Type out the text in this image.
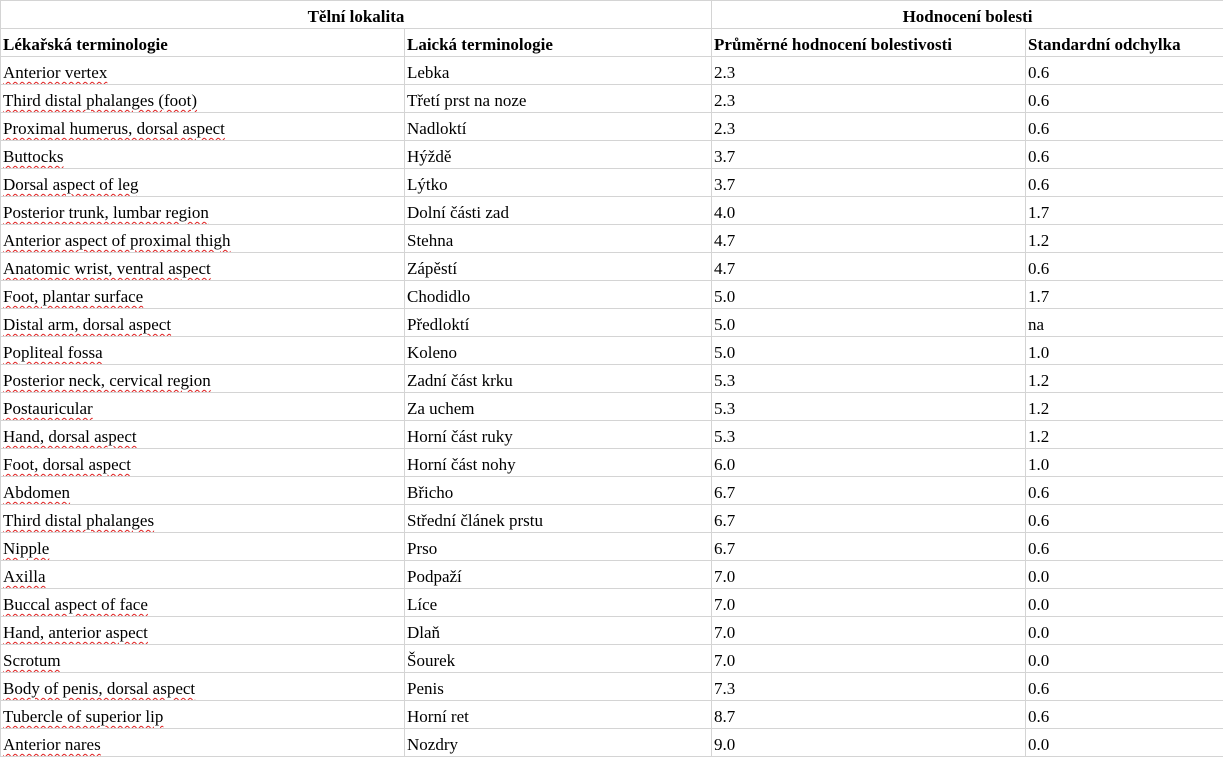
Tělní lokalita		Hodnocení bolesti	
Lékařská terminologie	Laická terminologie	Průměrné hodnocení bolestivosti	Standardní odchylka
Anterior vertex	Lebka	2.3	0.6
Third distal phalanges (foot)	Třetí prst na noze	2.3	0.6
Proximal humerus, dorsal aspect	Nadloktí	2.3	0.6
Buttocks	Hýždě	3.7	0.6
Dorsal aspect of leg	Lýtko	3.7	0.6
Posterior trunk, lumbar region	Dolní části zad	4.0	1.7
Anterior aspect of proximal thigh	Stehna	4.7	1.2
Anatomic wrist, ventral aspect	Zápěstí	4.7	0.6
Foot, plantar surface	Chodidlo	5.0	1.7
Distal arm, dorsal aspect	Předloktí	5.0	na
Popliteal fossa	Koleno	5.0	1.0
Posterior neck, cervical region	Zadní část krku	5.3	1.2
Postauricular	Za uchem	5.3	1.2
Hand, dorsal aspect	Horní část ruky	5.3	1.2
Foot, dorsal aspect	Horní část nohy	6.0	1.0
Abdomen	Břicho	6.7	0.6
Third distal phalanges	Střední článek prstu	6.7	0.6
Nipple	Prso	6.7	0.6
Axilla	Podpaží	7.0	0.0
Buccal aspect of face	Líce	7.0	0.0
Hand, anterior aspect	Dlaň	7.0	0.0
Scrotum	Šourek	7.0	0.0
Body of penis, dorsal aspect	Penis	7.3	0.6
Tubercle of superior lip	Horní ret	8.7	0.6
Anterior nares	Nozdry	9.0	0.0
